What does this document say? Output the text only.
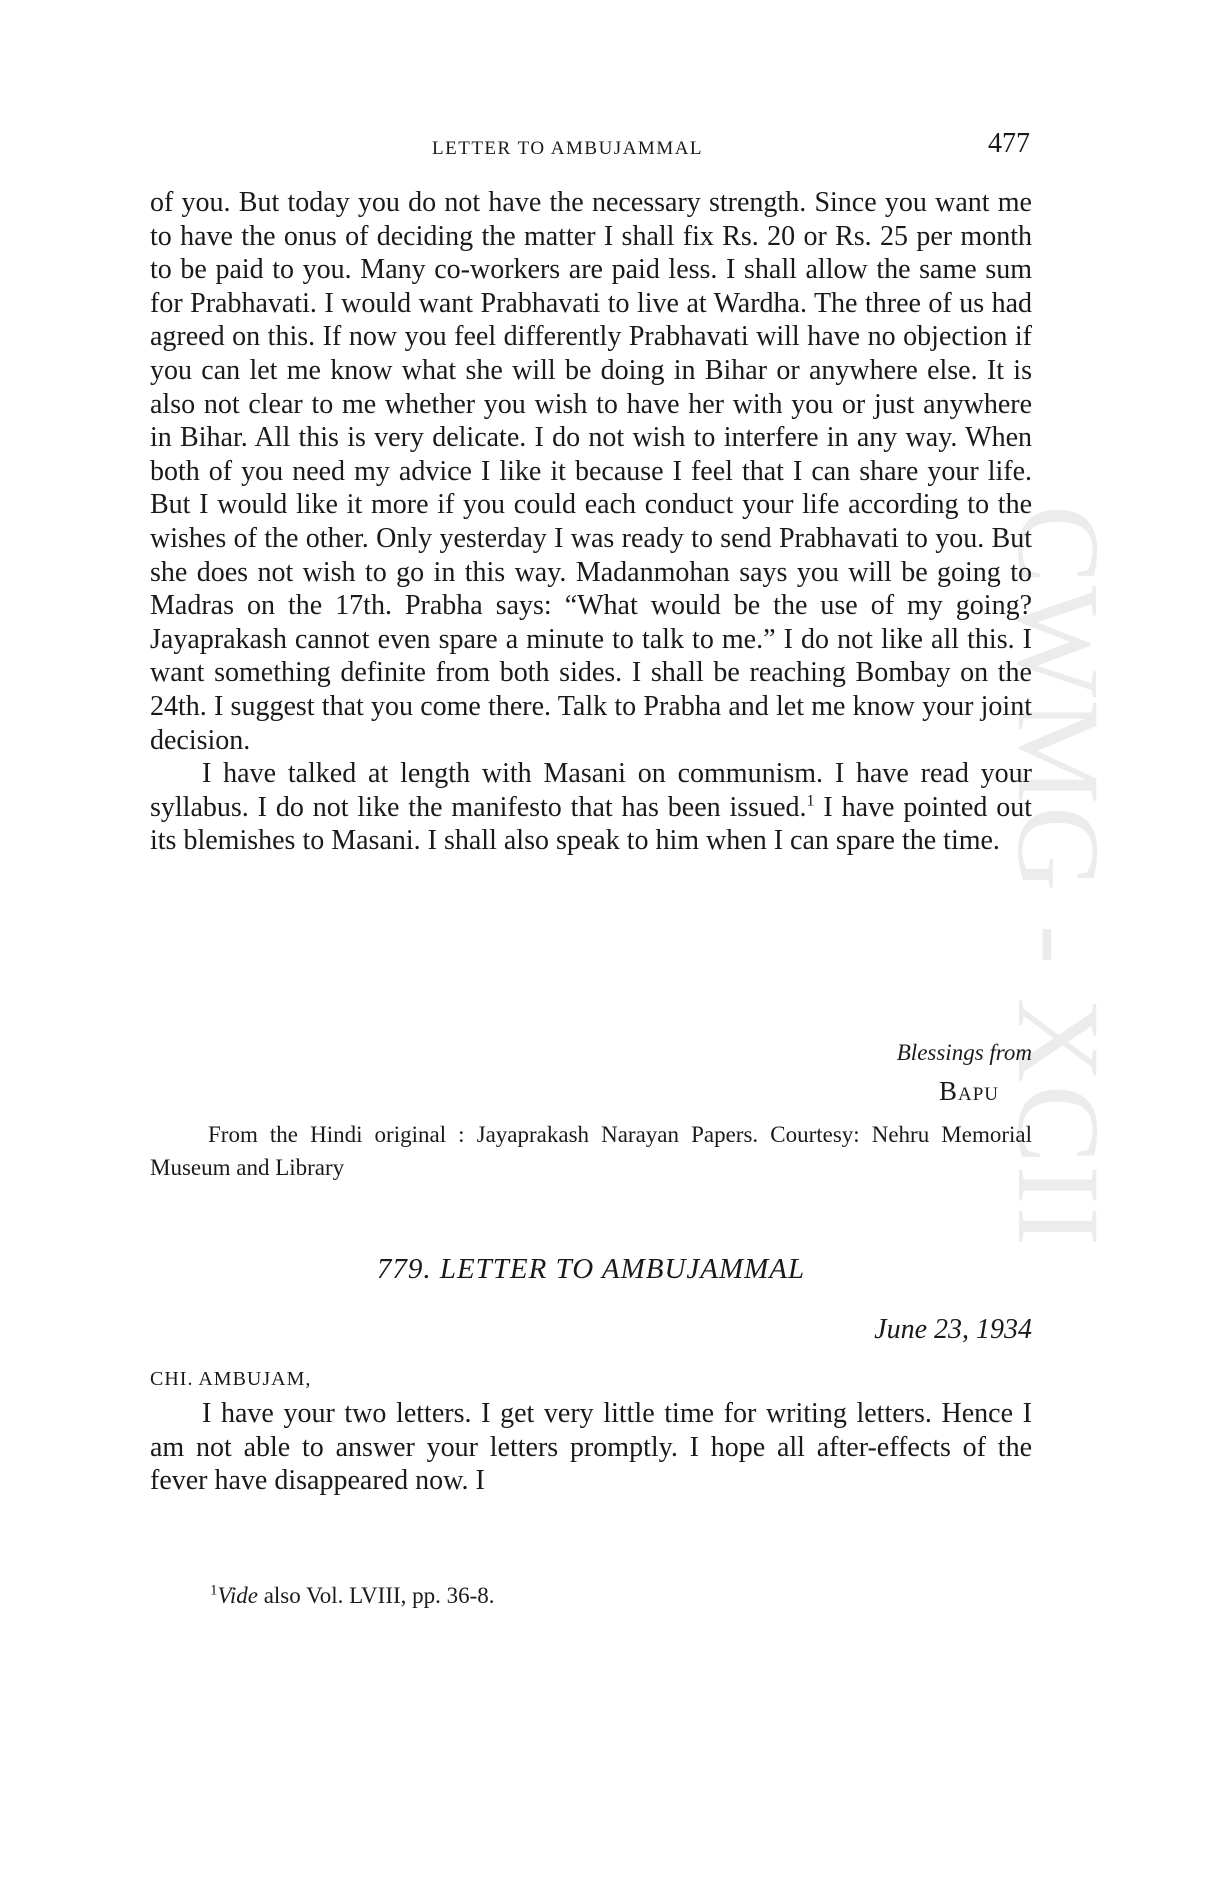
CWMG - XCII
LETTER TO AMBUJAMMAL	477

of you. But today you do not have the necessary strength. Since you want me to have the onus of deciding the matter I shall fix Rs. 20 or Rs. 25 per month to be paid to you. Many co-workers are paid less. I shall allow the same sum for Prabhavati. I would want Prabhavati to live at Wardha. The three of us had agreed on this. If now you feel differently Prabhavati will have no objection if you can let me know what she will be doing in Bihar or anywhere else. It is also not clear to me whether you wish to have her with you or just anywhere in Bihar. All this is very delicate. I do not wish to interfere in any way. When both of you need my advice I like it because I feel that I can share your life. But I would like it more if you could each conduct your life according to the wishes of the other. Only yesterday I was ready to send Prabhavati to you. But she does not wish to go in this way. Madanmohan says you will be going to Madras on the 17th. Prabha says: “What would be the use of my going? Jayaprakash cannot even spare a minute to talk to me.” I do not like all this. I want something definite from both sides. I shall be reaching Bombay on the 24th. I suggest that you come there. Talk to Prabha and let me know your joint decision.

I have talked at length with Masani on communism. I have read your syllabus. I do not like the manifesto that has been issued.$^1$ I have pointed out its blemishes to Masani. I shall also speak to him when I can spare the time.

Blessings from
Bapu

From the Hindi original : Jayaprakash Narayan Papers. Courtesy: Nehru Memorial Museum and Library

779. LETTER TO AMBUJAMMAL
June 23, 1934
CHI. AMBUJAM,

I have your two letters. I get very little time for writing letters. Hence I am not able to answer your letters promptly. I hope all after-effects of the fever have disappeared now. I

$^1$Vide also Vol. LVIII, pp. 36-8.
